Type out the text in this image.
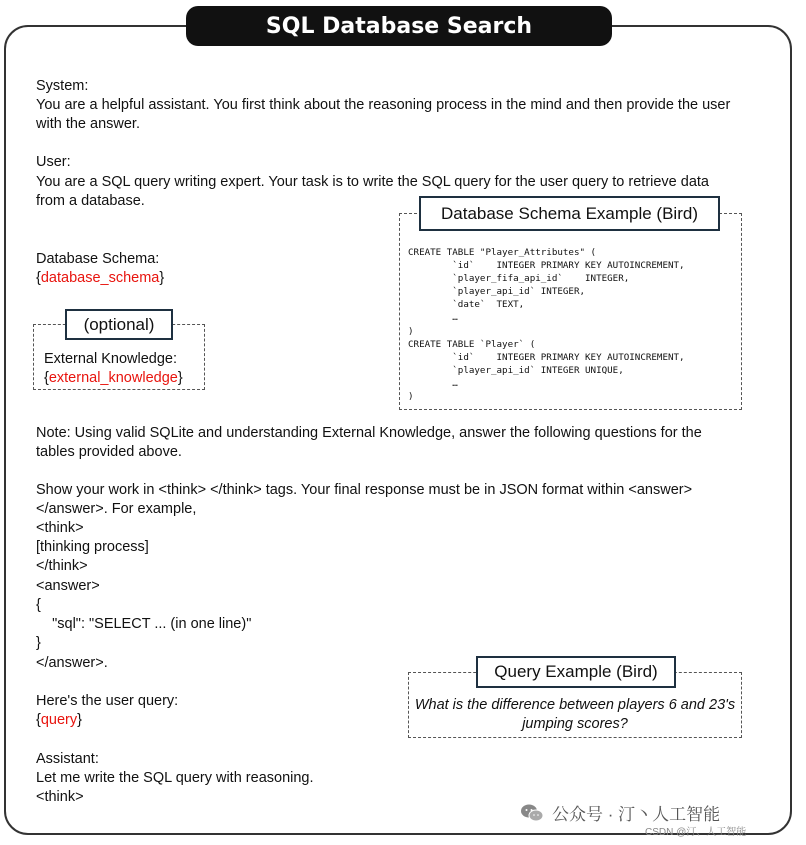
SQL Database Search
System:
You are a helpful assistant. You first think about the reasoning process in the mind and then provide the user
with the answer.
User:
You are a SQL query writing expert. Your task is to write the SQL query for the user query to retrieve data
from a database.
Database Schema:
{database_schema}
(optional)
External Knowledge:
{external_knowledge}
Database Schema Example (Bird)
CREATE TABLE "Player_Attributes" (
`id`    INTEGER PRIMARY KEY AUTOINCREMENT,
`player_fifa_api_id`    INTEGER,
`player_api_id` INTEGER,
`date`  TEXT,
…
)
CREATE TABLE `Player` (
`id`    INTEGER PRIMARY KEY AUTOINCREMENT,
`player_api_id` INTEGER UNIQUE,
…
)
Note: Using valid SQLite and understanding External Knowledge, answer the following questions for the
tables provided above.
Show your work in <think> </think> tags. Your final response must be in JSON format within <answer>
</answer>. For example,
<think>
[thinking process]
</think>
<answer>
{
"sql": "SELECT ... (in one line)"
}
</answer>.
Here's the user query:
{query}
Assistant:
Let me write the SQL query with reasoning.
<think>
Query Example (Bird)
What is the difference between players 6 and 23's jumping scores?
公众号 · 汀丶人工智能
CSDN @汀、人工智能
